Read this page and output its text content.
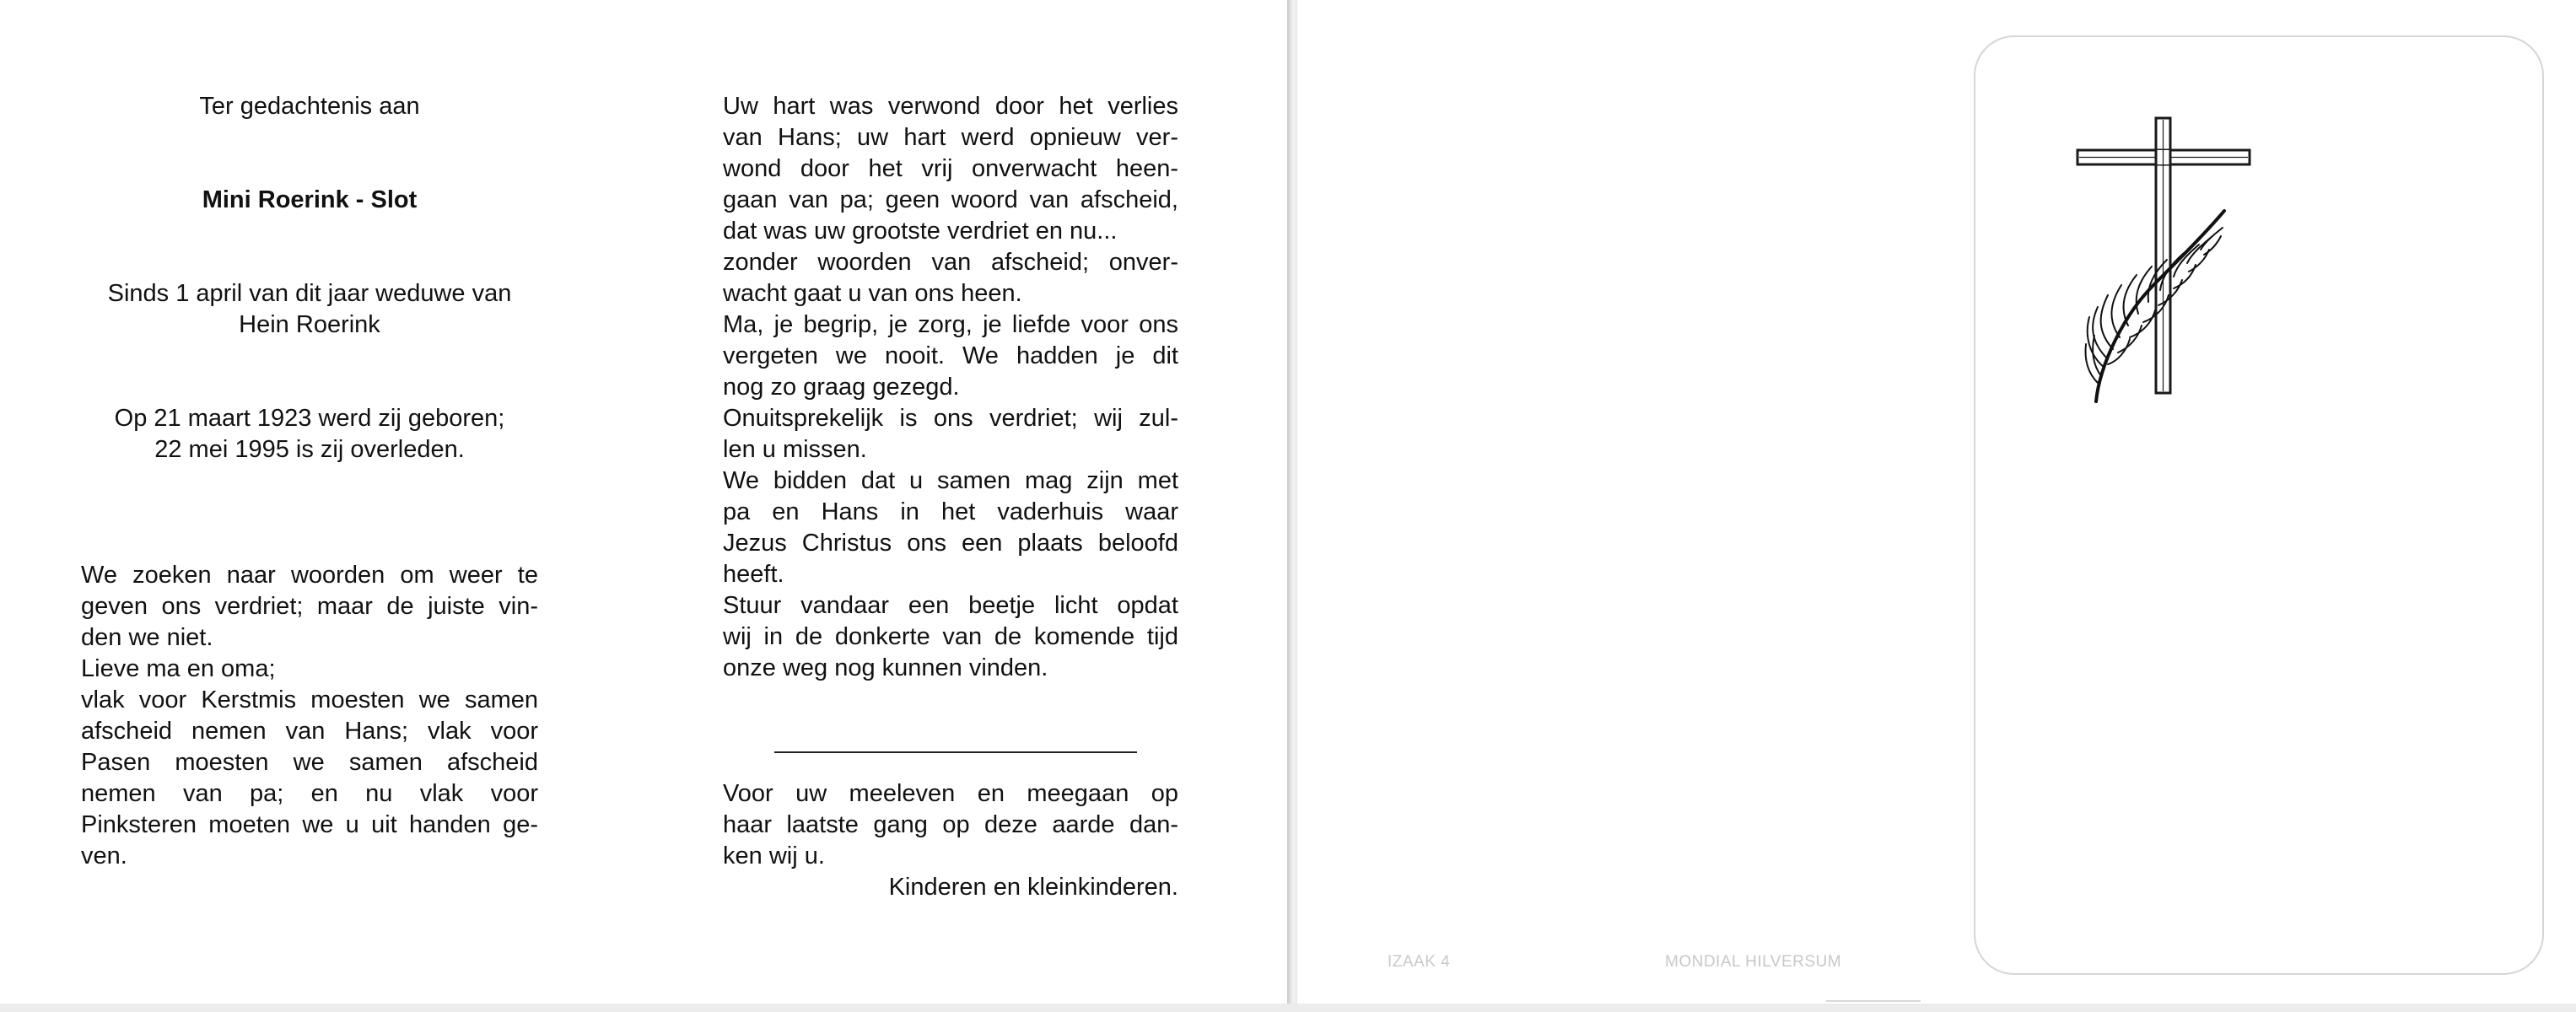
Ter gedachtenis aan

Mini Roerink - Slot

Sinds 1 april van dit jaar weduwe van

Hein Roerink

Op 21 maart 1923 werd zij geboren;

22 mei 1995 is zij overleden.

We zoeken naar woorden om weer te
geven ons verdriet; maar de juiste vin-
den we niet.
Lieve ma en oma;
vlak voor Kerstmis moesten we samen
afscheid nemen van Hans; vlak voor
Pasen moesten we samen afscheid
nemen van pa; en nu vlak voor
Pinksteren moeten we u uit handen ge-
ven.
Uw hart was verwond door het verlies
van Hans; uw hart werd opnieuw ver-
wond door het vrij onverwacht heen-
gaan van pa; geen woord van afscheid,
dat was uw grootste verdriet en nu...
zonder woorden van afscheid; onver-
wacht gaat u van ons heen.
Ma, je begrip, je zorg, je liefde voor ons
vergeten we nooit. We hadden je dit
nog zo graag gezegd.
Onuitsprekelijk is ons verdriet; wij zul-
len u missen.
We bidden dat u samen mag zijn met
pa en Hans in het vaderhuis waar
Jezus Christus ons een plaats beloofd
heeft.
Stuur vandaar een beetje licht opdat
wij in de donkerte van de komende tijd
onze weg nog kunnen vinden.
Voor uw meeleven en meegaan op
haar laatste gang op deze aarde dan-
ken wij u.
Kinderen en kleinkinderen.
IZAAK 4	MONDIAL HILVERSUM
